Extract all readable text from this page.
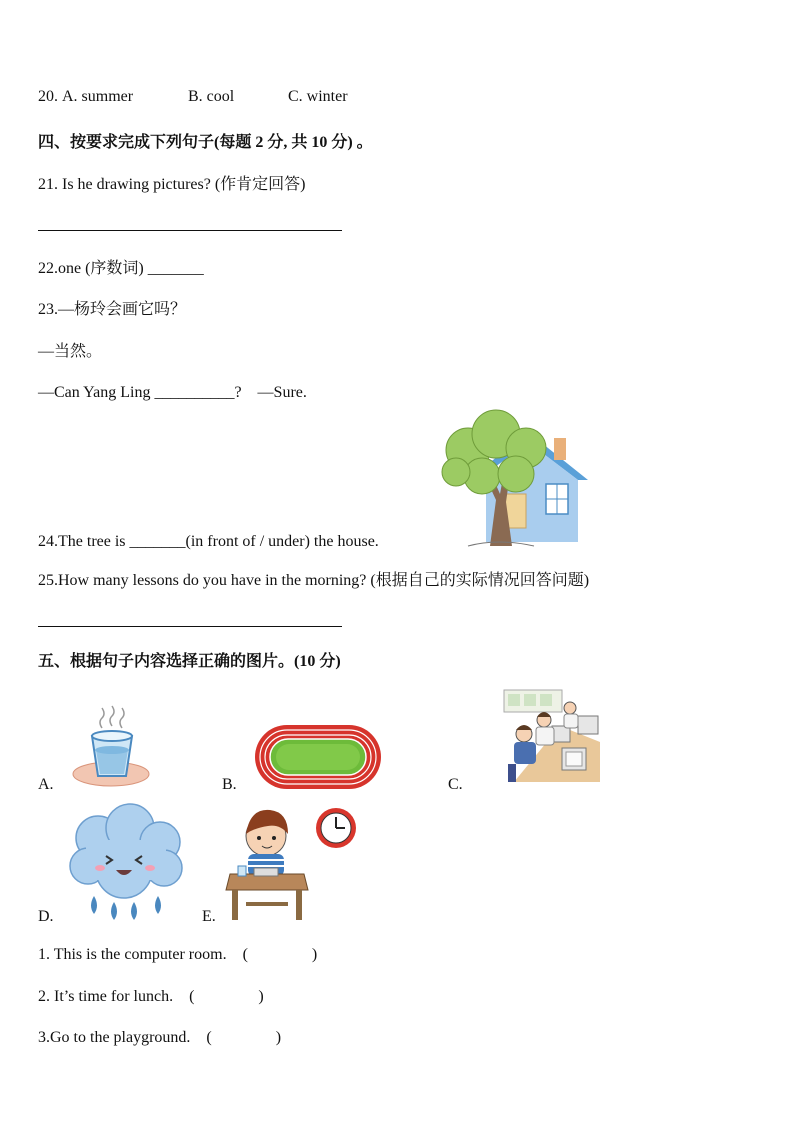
20. A. summer	B. cool	C. winter
四、按要求完成下列句子(每题 2 分, 共 10 分) 。
21. Is he drawing pictures? (作肯定回答)
22.one (序数词) _______
23.—杨玲会画它吗？
—当然。
—Can Yang Ling __________?　—Sure.
24.The tree is _______(in front of / under) the house.
25.How many lessons do you have in the morning? (根据自己的实际情况回答问题)
五、根据句子内容选择正确的图片。(10 分)
A.	B.	C.
D.	E.
1. This is the computer room.　(　　　　)
2. It’s time for lunch.　(　　　　)
3.Go to the playground.　(　　　　)
